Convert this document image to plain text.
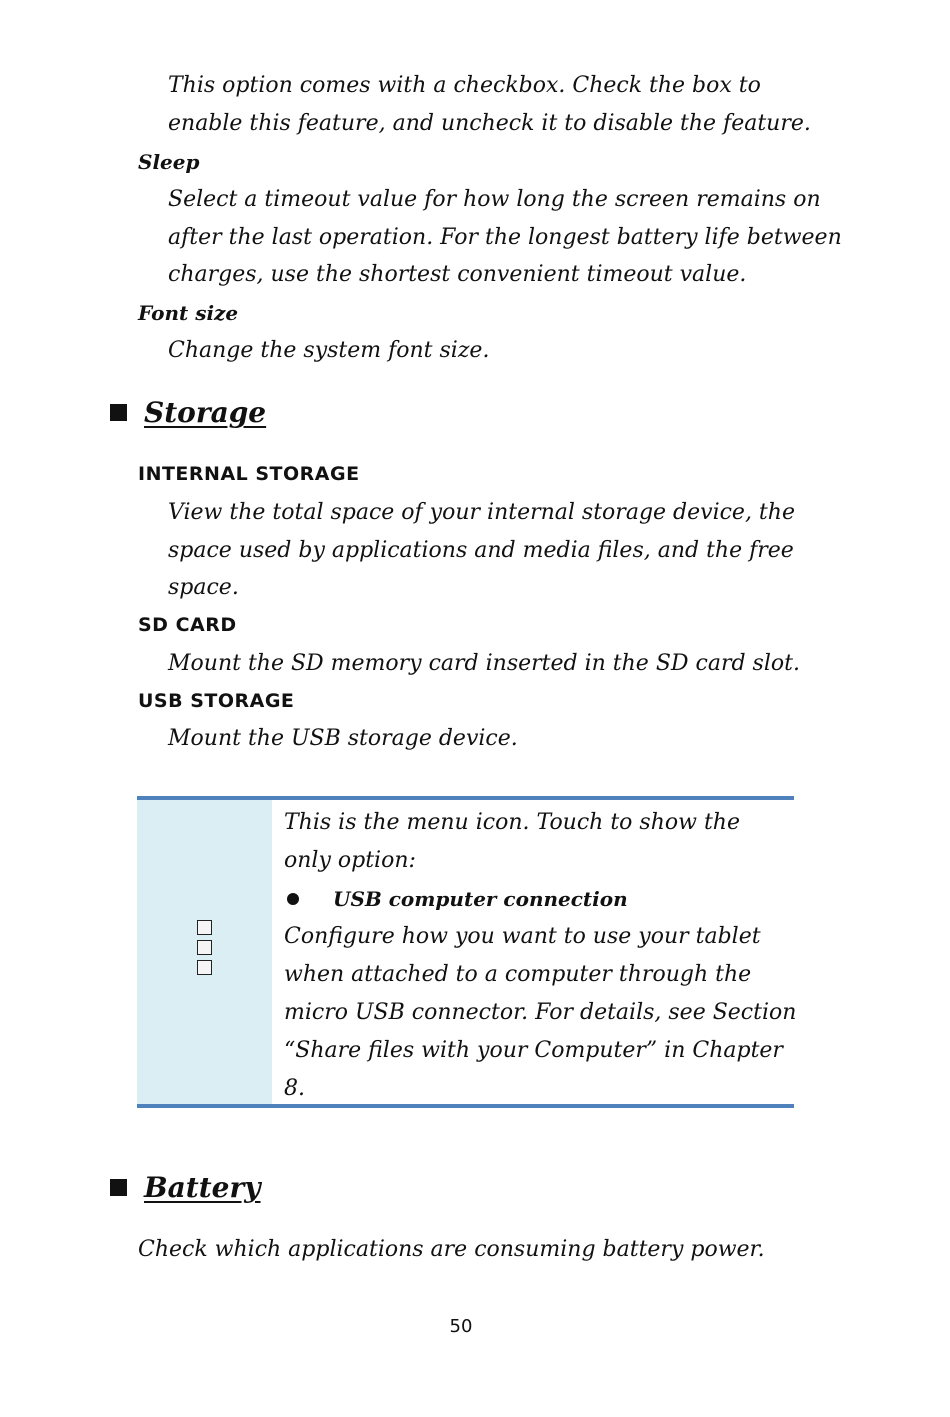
This option comes with a checkbox. Check the box to
enable this feature, and uncheck it to disable the feature.
Sleep
Select a timeout value for how long the screen remains on
after the last operation. For the longest battery life between
charges, use the shortest convenient timeout value.
Font size
Change the system font size.
Storage
INTERNAL STORAGE
View the total space of your internal storage device, the
space used by applications and media files, and the free
space.
SD CARD
Mount the SD memory card inserted in the SD card slot.
USB STORAGE
Mount the USB storage device.
This is the menu icon. Touch to show the
only option:
USB computer connection
Configure how you want to use your tablet
when attached to a computer through the
micro USB connector. For details, see Section
“Share files with your Computer” in Chapter
8.
Battery
Check which applications are consuming battery power.
50
